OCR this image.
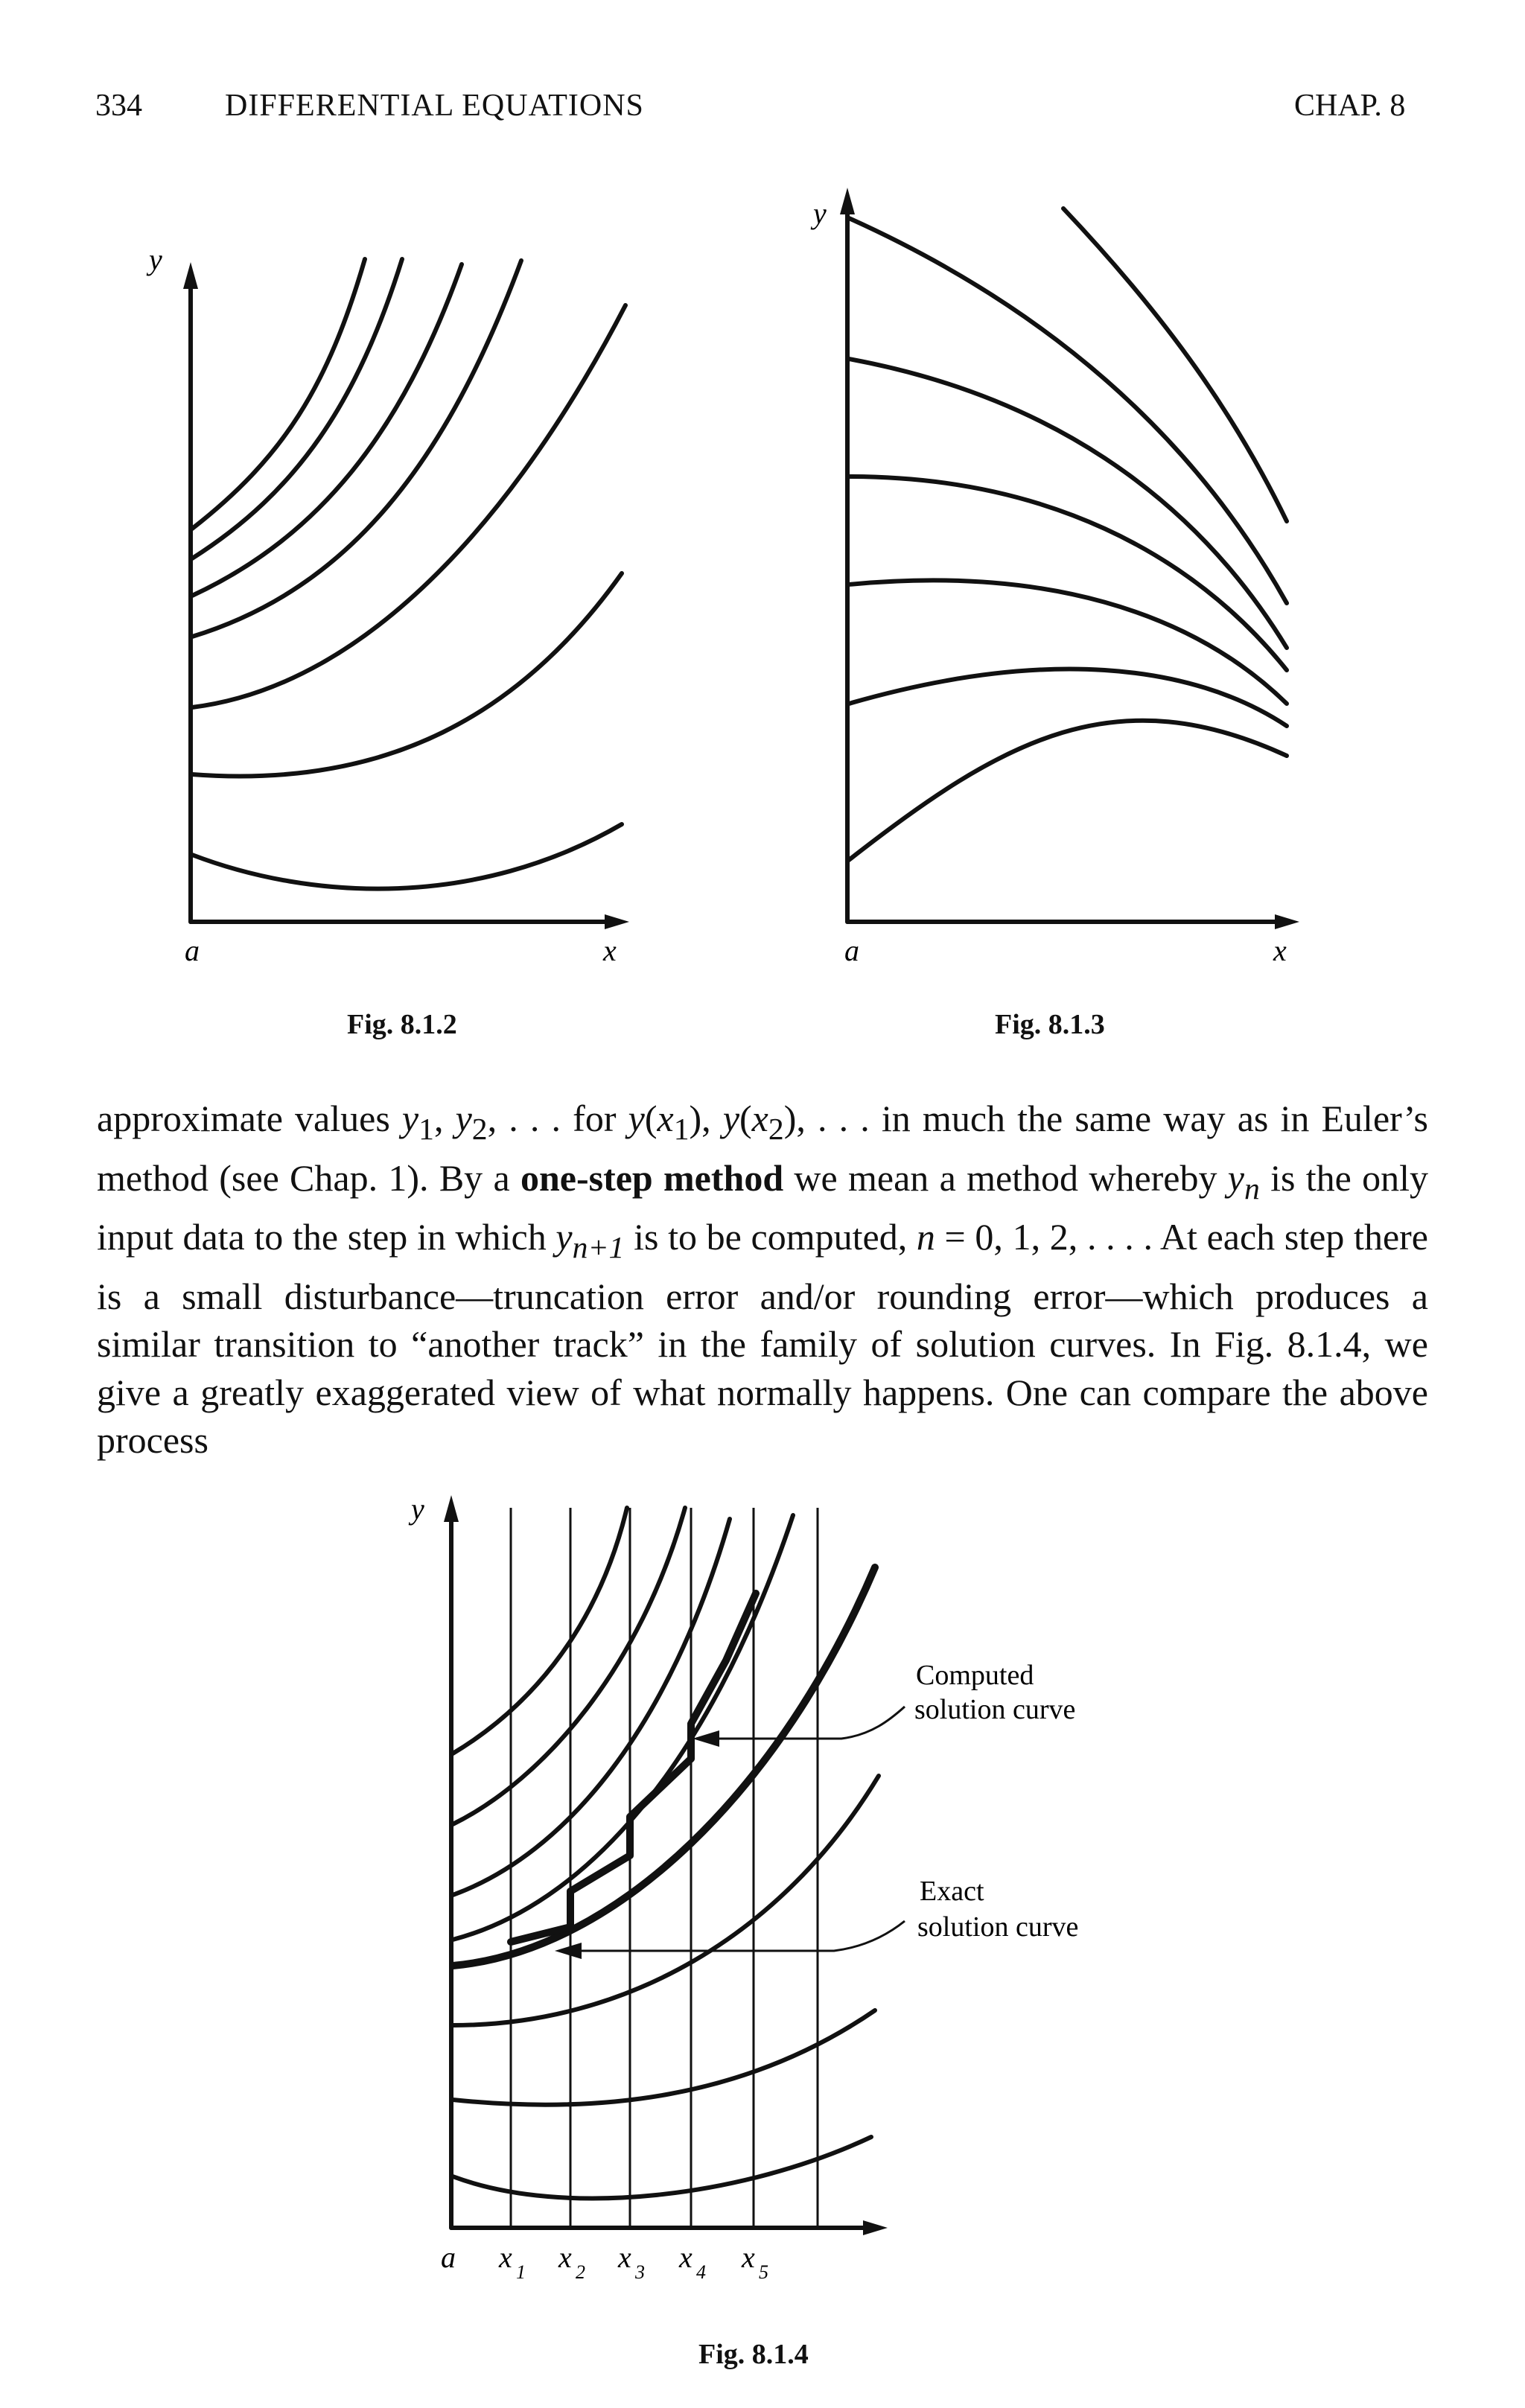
334	DIFFERENTIAL EQUATIONS	CHAP. 8
y
a	x
Fig. 8.1.2
y
a	x
Fig. 8.1.3

approximate values $y_1$, $y_2$, . . . for $y(x_1)$, $y(x_2)$, . . . in much the same way as in Euler’s method (see Chap. 1). By a one-step method we mean a method whereby $y_n$ is the only input data to the step in which $y_{n+1}$ is to be computed, n = 0, 1, 2, . . . . At each step there is a small disturbance—truncation error and/or rounding error—which produces a similar transition to “another track” in the family of solution curves. In Fig. 8.1.4, we give a greatly exaggerated view of what normally happens. One can compare the above process

y
a x 1 x 2 x 3 x 4 x 5
Computed
solution curve
Exact
solution curve
Fig. 8.1.4
